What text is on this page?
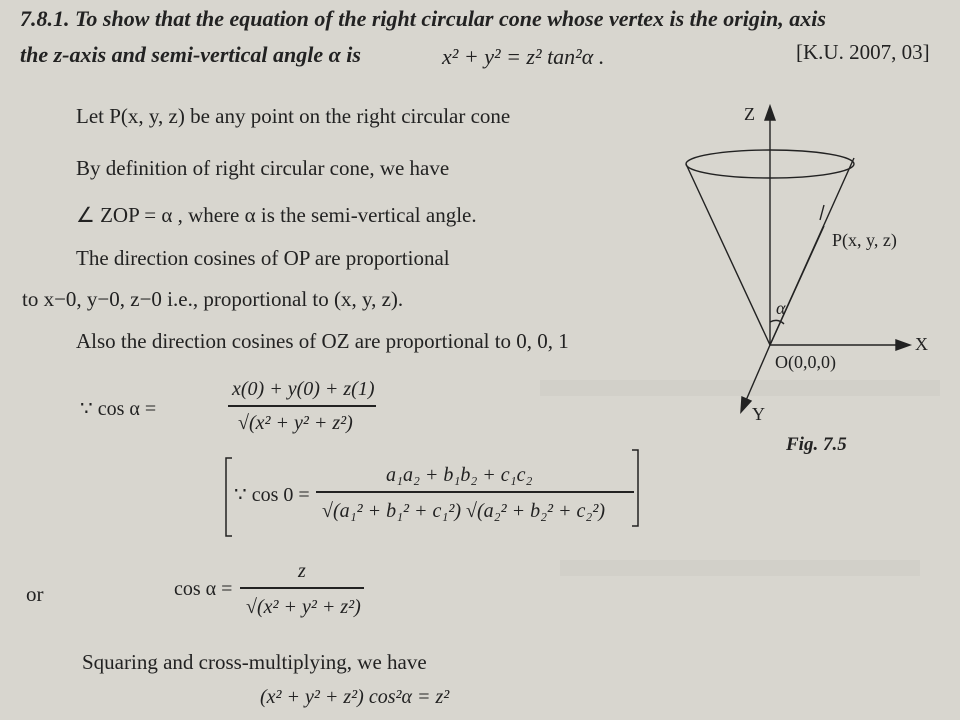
7.8.1. To show that the equation of the right circular cone whose vertex is the origin, axis
the z-axis and semi-vertical angle α is	x² + y² = z² tan²α .	[K.U. 2007, 03]
Let P(x, y, z) be any point on the right circular cone
By definition of right circular cone, we have
∠ ZOP = α , where α is the semi-vertical angle.
The direction cosines of OP are proportional
to x−0, y−0, z−0 i.e., proportional to (x, y, z).
Also the direction cosines of OZ are proportional to 0, 0, 1
∵ cos α =
x(0) + y(0) + z(1)
√(x² + y² + z²)
∵ cos 0 =
a₁a₂ + b₁b₂ + c₁c₂
√(a₁² + b₁² + c₁²) √(a₂² + b₂² + c₂²)
or	cos α =
z
√(x² + y² + z²)
Squaring and cross-multiplying, we have
(x² + y² + z²) cos²α = z²
Z
X
Y
P(x, y, z)
O(0,0,0)
α
Fig. 7.5
